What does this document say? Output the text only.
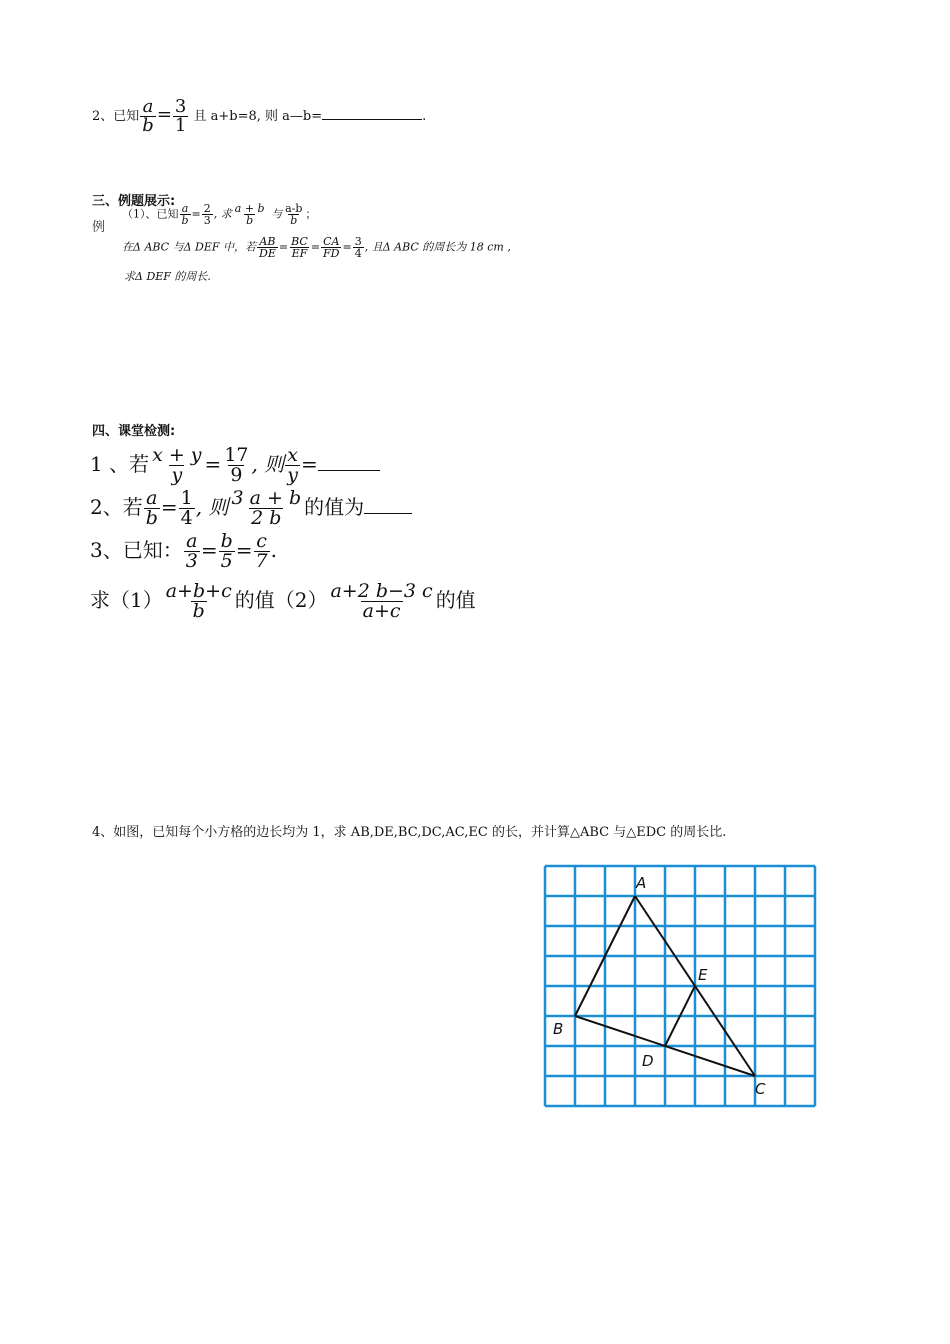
2、已知 $\frac{a}{b} = \frac{3}{1}$ 且 a+b=8, 则 a—b=	.
三、例题展示:
例
（1）、已知 $\frac{a}{b} = \frac{2}{3}$ , 求 $\frac{a + b}{b}$ 与 $\frac{a-b}{b}$ ；
在Δ ABC 与Δ DEF 中，若 $\frac{AB}{DE} = \frac{BC}{EF} = \frac{CA}{FD} = \frac{3}{4}$ , 且Δ ABC 的周长为 18 cm ,
求Δ DEF 的周长.
四、课堂检测:
1 、若 $\frac{x + y}{y} = \frac{17}{9}$ , 则 $\frac{x}{y}$ =
2、若 $\frac{a}{b} = \frac{1}{4}$ , 则 $\frac{3 a + b}{2 b}$ 的值为
3、已知： $\frac{a}{3} = \frac{b}{5} = \frac{c}{7}$ .
求$(1) \frac{a+b+c}{b}$ 的值$(2) \frac{a+2 b-3 c}{a+c}$ 的值
4、如图，已知每个小方格的边长均为 1，求 AB,DE,BC,DC,AC,EC 的长，并计算△ABC 与△EDC 的周长比.
A
B
C
D
E
